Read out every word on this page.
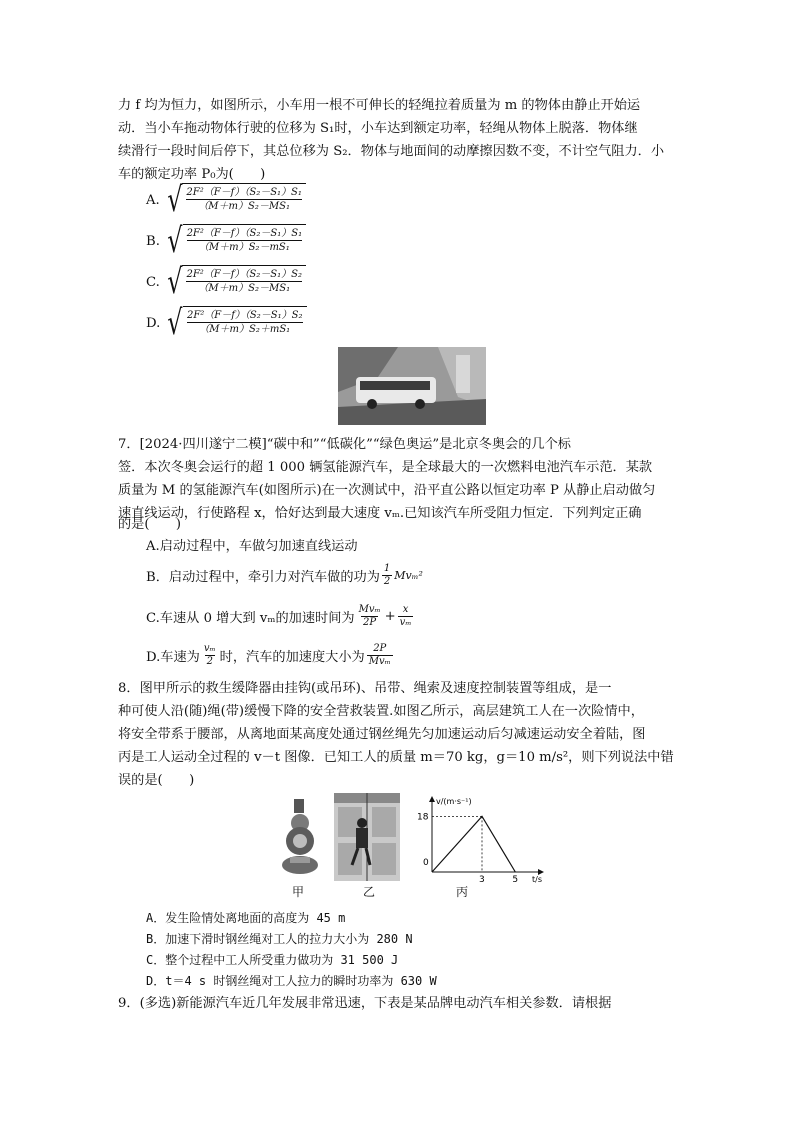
力 f 均为恒力，如图所示，小车用一根不可伸长的轻绳拉着质量为 m 的物体由静止开始运
动．当小车拖动物体行驶的位移为 S₁时，小车达到额定功率，轻绳从物体上脱落．物体继
续滑行一段时间后停下，其总位移为 S₂．物体与地面间的动摩擦因数不变，不计空气阻力．小
车的额定功率 P₀为(　　)
A. √ $\frac{\text{2F²（F－f）（S₂－S₁）S₁}}{\text{（M＋m）S₂－MS₁}}$
B. √ $\frac{\text{2F²（F－f）（S₂－S₁）S₁}}{\text{（M＋m）S₂－mS₁}}$
C. √ $\frac{\text{2F²（F－f）（S₂－S₁）S₂}}{\text{（M＋m）S₂－MS₁}}$
D. √ $\frac{\text{2F²（F－f）（S₂－S₁）S₂}}{\text{（M＋m）S₂＋mS₁}}$
7．[2024·四川遂宁二模]“碳中和”“低碳化”“绿色奥运”是北京冬奥会的几个标
签．本次冬奥会运行的超 1 000 辆氢能源汽车，是全球最大的一次燃料电池汽车示范．某款
质量为 M 的氢能源汽车(如图所示)在一次测试中，沿平直公路以恒定功率 P 从静止启动做匀
速直线运动，行使路程 x，恰好达到最大速度 vₘ.已知该汽车所受阻力恒定．下列判定正确
的是(　　)
A.启动过程中，车做匀加速直线运动
B．启动过程中，牵引力对汽车做的功为 $\frac{1}{2} Mv_m^2$
C.车速从 0 增大到 vₘ的加速时间为 $\frac{\text{Mvₘ}}{2P} + \frac{x}{\text{vₘ}}$
D.车速为 $\frac{\text{vₘ}}{2}$ 时，汽车的加速度大小为 $\frac{2P}{\text{Mvₘ}}$
8．图甲所示的救生缓降器由挂钩(或吊环)、吊带、绳索及速度控制装置等组成，是一
种可使人沿(随)绳(带)缓慢下降的安全营救装置.如图乙所示，高层建筑工人在一次险情中，
将安全带系于腰部，从离地面某高度处通过钢丝绳先匀加速运动后匀减速运动安全着陆，图
丙是工人运动全过程的 v－t 图像．已知工人的质量 m＝70 kg，g＝10 m/s²，则下列说法中错
误的是(　　)
甲	乙
v/(m·s⁻¹)
t/s
0
3	5
18
丙
A．发生险情处离地面的高度为 45 m
B．加速下滑时钢丝绳对工人的拉力大小为 280 N
C．整个过程中工人所受重力做功为 31 500 J
D．t＝4 s 时钢丝绳对工人拉力的瞬时功率为 630 W
9．(多选)新能源汽车近几年发展非常迅速，下表是某品牌电动汽车相关参数．请根据
